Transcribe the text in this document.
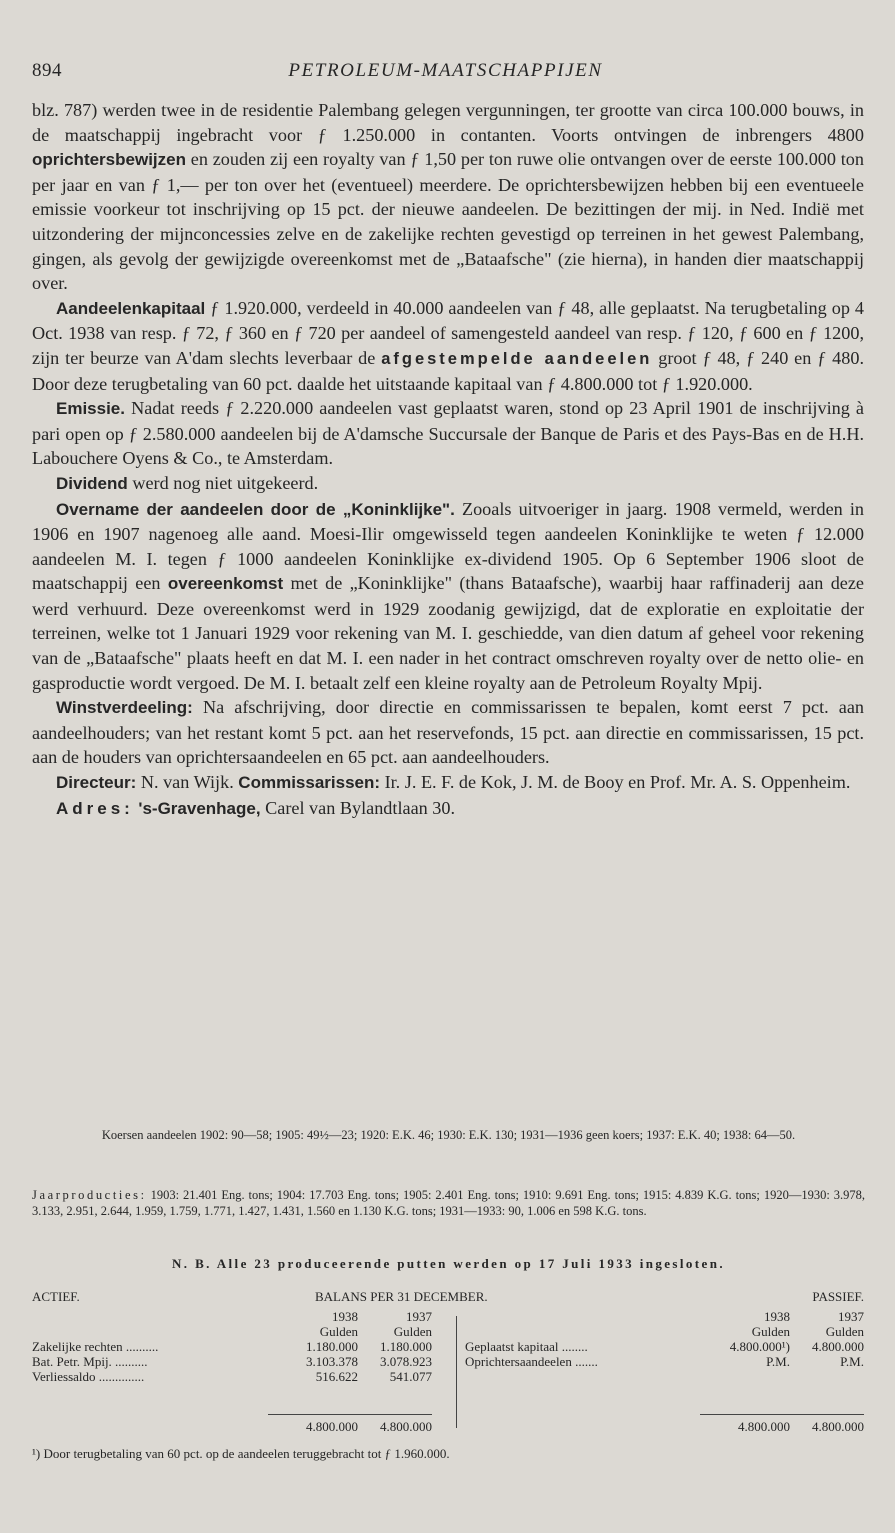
894	PETROLEUM-MAATSCHAPPIJEN

blz. 787) werden twee in de residentie Palembang gelegen vergunningen, ter grootte van circa 100.000 bouws, in de maatschappij ingebracht voor ƒ 1.250.000 in contanten. Voorts ontvingen de inbrengers 4800 oprichtersbewijzen en zouden zij een royalty van ƒ 1,50 per ton ruwe olie ontvangen over de eerste 100.000 ton per jaar en van ƒ 1,— per ton over het (eventueel) meerdere. De oprichtersbewijzen hebben bij een eventueele emissie voorkeur tot inschrijving op 15 pct. der nieuwe aandeelen. De bezittingen der mij. in Ned. Indië met uitzondering der mijnconcessies zelve en de zakelijke rechten gevestigd op terreinen in het gewest Palembang, gingen, als gevolg der gewijzigde overeenkomst met de „Bataafsche" (zie hierna), in handen dier maatschappij over.

Aandeelenkapitaal ƒ 1.920.000, verdeeld in 40.000 aandeelen van ƒ 48, alle geplaatst. Na terugbetaling op 4 Oct. 1938 van resp. ƒ 72, ƒ 360 en ƒ 720 per aandeel of samengesteld aandeel van resp. ƒ 120, ƒ 600 en ƒ 1200, zijn ter beurze van A'dam slechts leverbaar de afgestempelde aandeelen groot ƒ 48, ƒ 240 en ƒ 480. Door deze terugbetaling van 60 pct. daalde het uitstaande kapitaal van ƒ 4.800.000 tot ƒ 1.920.000.

Emissie. Nadat reeds ƒ 2.220.000 aandeelen vast geplaatst waren, stond op 23 April 1901 de inschrijving à pari open op ƒ 2.580.000 aandeelen bij de A'damsche Succursale der Banque de Paris et des Pays-Bas en de H.H. Labouchere Oyens & Co., te Amsterdam.

Dividend werd nog niet uitgekeerd.

Overname der aandeelen door de „Koninklijke". Zooals uitvoeriger in jaarg. 1908 vermeld, werden in 1906 en 1907 nagenoeg alle aand. Moesi-Ilir omgewisseld tegen aandeelen Koninklijke te weten ƒ 12.000 aandeelen M. I. tegen ƒ 1000 aandeelen Koninklijke ex-dividend 1905. Op 6 September 1906 sloot de maatschappij een overeenkomst met de „Koninklijke" (thans Bataafsche), waarbij haar raffinaderij aan deze werd verhuurd. Deze overeenkomst werd in 1929 zoodanig gewijzigd, dat de exploratie en exploitatie der terreinen, welke tot 1 Januari 1929 voor rekening van M. I. geschiedde, van dien datum af geheel voor rekening van de „Bataafsche" plaats heeft en dat M. I. een nader in het contract omschreven royalty over de netto olie- en gasproductie wordt vergoed. De M. I. betaalt zelf een kleine royalty aan de Petroleum Royalty Mpij.

Winstverdeeling: Na afschrijving, door directie en commissarissen te bepalen, komt eerst 7 pct. aan aandeelhouders; van het restant komt 5 pct. aan het reservefonds, 15 pct. aan directie en commissarissen, 15 pct. aan de houders van oprichtersaandeelen en 65 pct. aan aandeelhouders.

Directeur: N. van Wijk. Commissarissen: Ir. J. E. F. de Kok, J. M. de Booy en Prof. Mr. A. S. Oppenheim.

Adres: 's-Gravenhage, Carel van Bylandtlaan 30.

Koersen aandeelen 1902: 90—58; 1905: 49½—23; 1920: E.K. 46; 1930: E.K. 130; 1931—1936 geen koers; 1937: E.K. 40; 1938: 64—50.
Jaarproducties: 1903: 21.401 Eng. tons; 1904: 17.703 Eng. tons; 1905: 2.401 Eng. tons; 1910: 9.691 Eng. tons; 1915: 4.839 K.G. tons; 1920—1930: 3.978, 3.133, 2.951, 2.644, 1.959, 1.759, 1.771, 1.427, 1.431, 1.560 en 1.130 K.G. tons; 1931—1933: 90, 1.006 en 598 K.G. tons.
N. B. Alle 23 produceerende putten werden op 17 Juli 1933 ingesloten.
ACTIEF.	BALANS PER 31 DECEMBER.	PASSIEF.
1938	1937
Gulden	Gulden
Zakelijke rechten ..........	1.180.000	1.180.000
Bat. Petr. Mpij. ..........	3.103.378	3.078.923
Verliessaldo ..............	516.622	541.077
4.800.000	4.800.000
1938	1937
Gulden	Gulden
Geplaatst kapitaal ........	4.800.000¹)	4.800.000
Oprichtersaandeelen .......	P.M.	P.M.
4.800.000	4.800.000
¹) Door terugbetaling van 60 pct. op de aandeelen teruggebracht tot ƒ 1.960.000.
